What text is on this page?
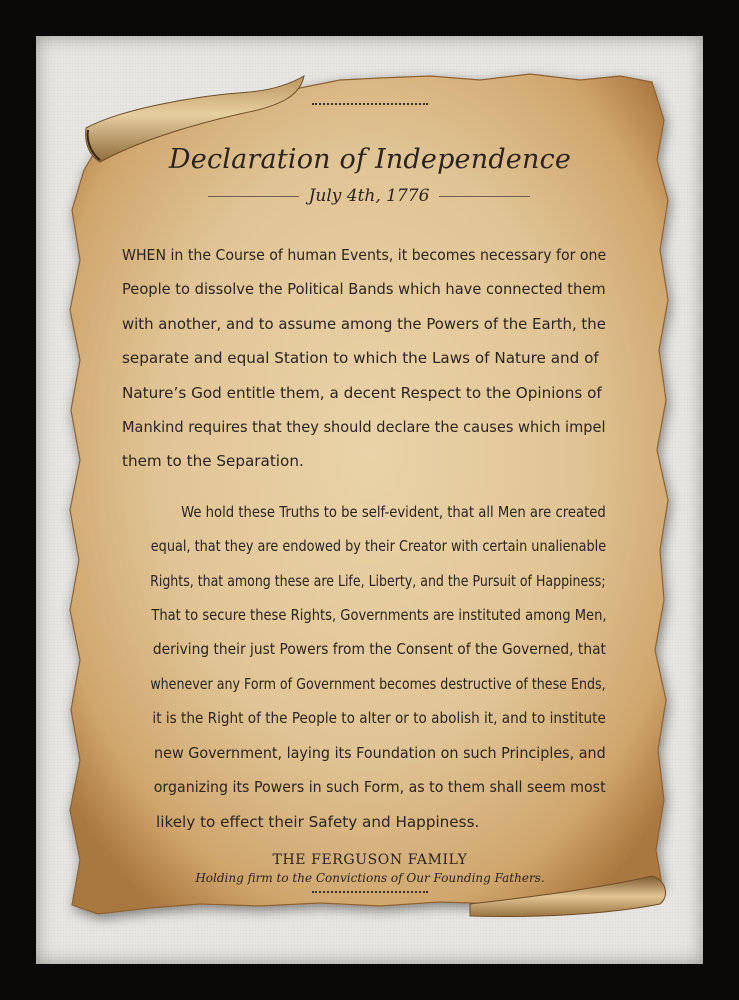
Declaration of Independence
July 4th, 1776

WHEN in the Course of human Events, it becomes necessary for one
People to dissolve the Political Bands which have connected them
with another, and to assume among the Powers of the Earth, the
separate and equal Station to which the Laws of Nature and of
Nature’s God entitle them, a decent Respect to the Opinions of
Mankind requires that they should declare the causes which impel
them to the Separation.

We hold these Truths to be self-evident, that all Men are created
equal, that they are endowed by their Creator with certain unalienable
Rights, that among these are Life, Liberty, and the Pursuit of Happiness;
That to secure these Rights, Governments are instituted among Men,
deriving their just Powers from the Consent of the Governed, that
whenever any Form of Government becomes destructive of these Ends,
it is the Right of the People to alter or to abolish it, and to institute
new Government, laying its Foundation on such Principles, and
organizing its Powers in such Form, as to them shall seem most
likely to effect their Safety and Happiness.

THE FERGUSON FAMILY
Holding firm to the Convictions of Our Founding Fathers.
